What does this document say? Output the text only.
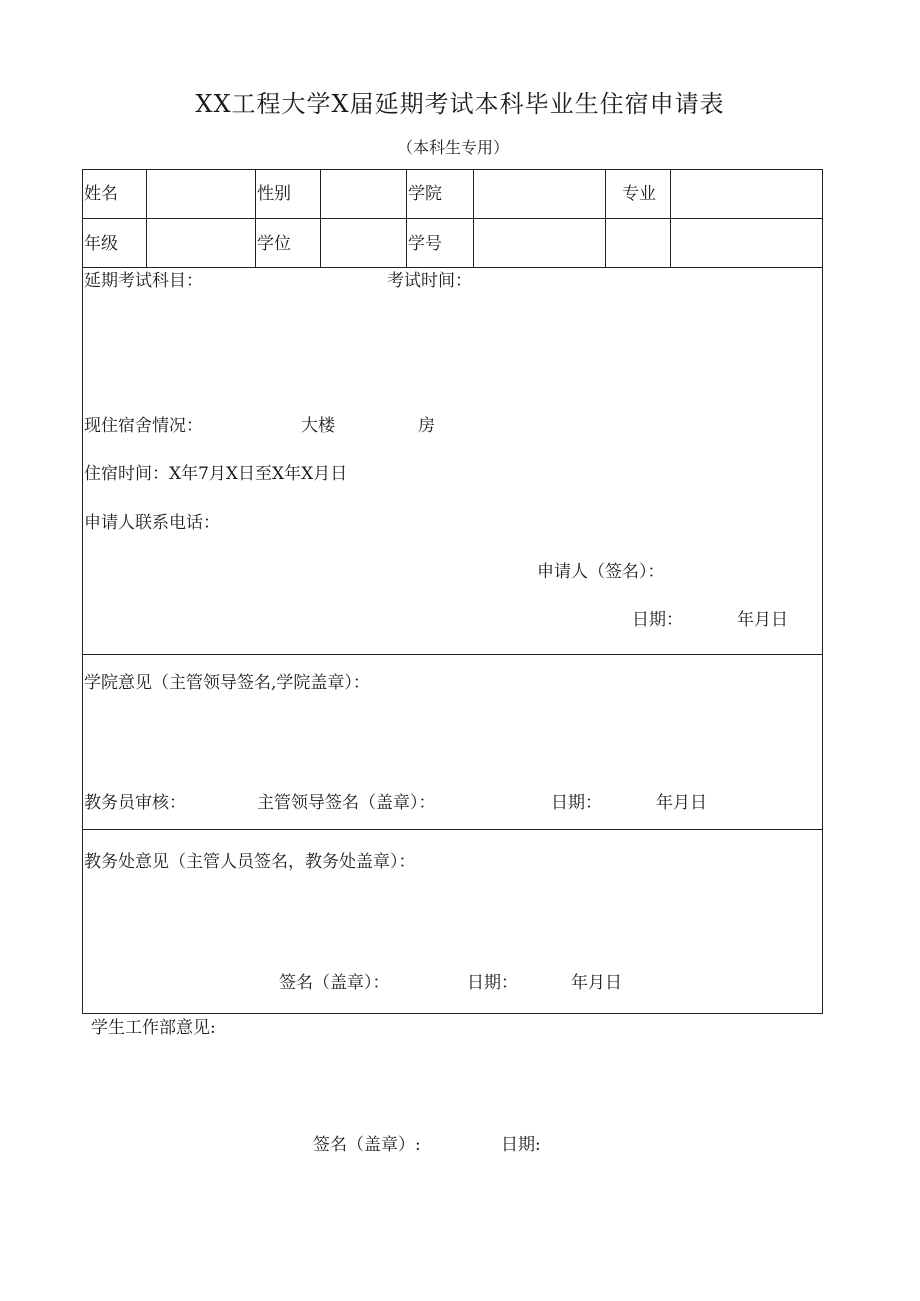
XX工程大学X届延期考试本科毕业生住宿申请表
（本科生专用）
姓名	性别	学院	专业
年级	学位	学号
延期考试科目：	考试时间：
现住宿舍情况：	大楼	房
住宿时间：X年7月X日至X年X月日
申请人联系电话：
申请人（签名）：
日期：	年月日
学院意见（主管领导签名,学院盖章）：
教务员审核：	主管领导签名（盖章）：	日期：	年月日
教务处意见（主管人员签名，教务处盖章）：
签名（盖章）：	日期：	年月日
学生工作部意见:
签名（盖章）:	日期:
